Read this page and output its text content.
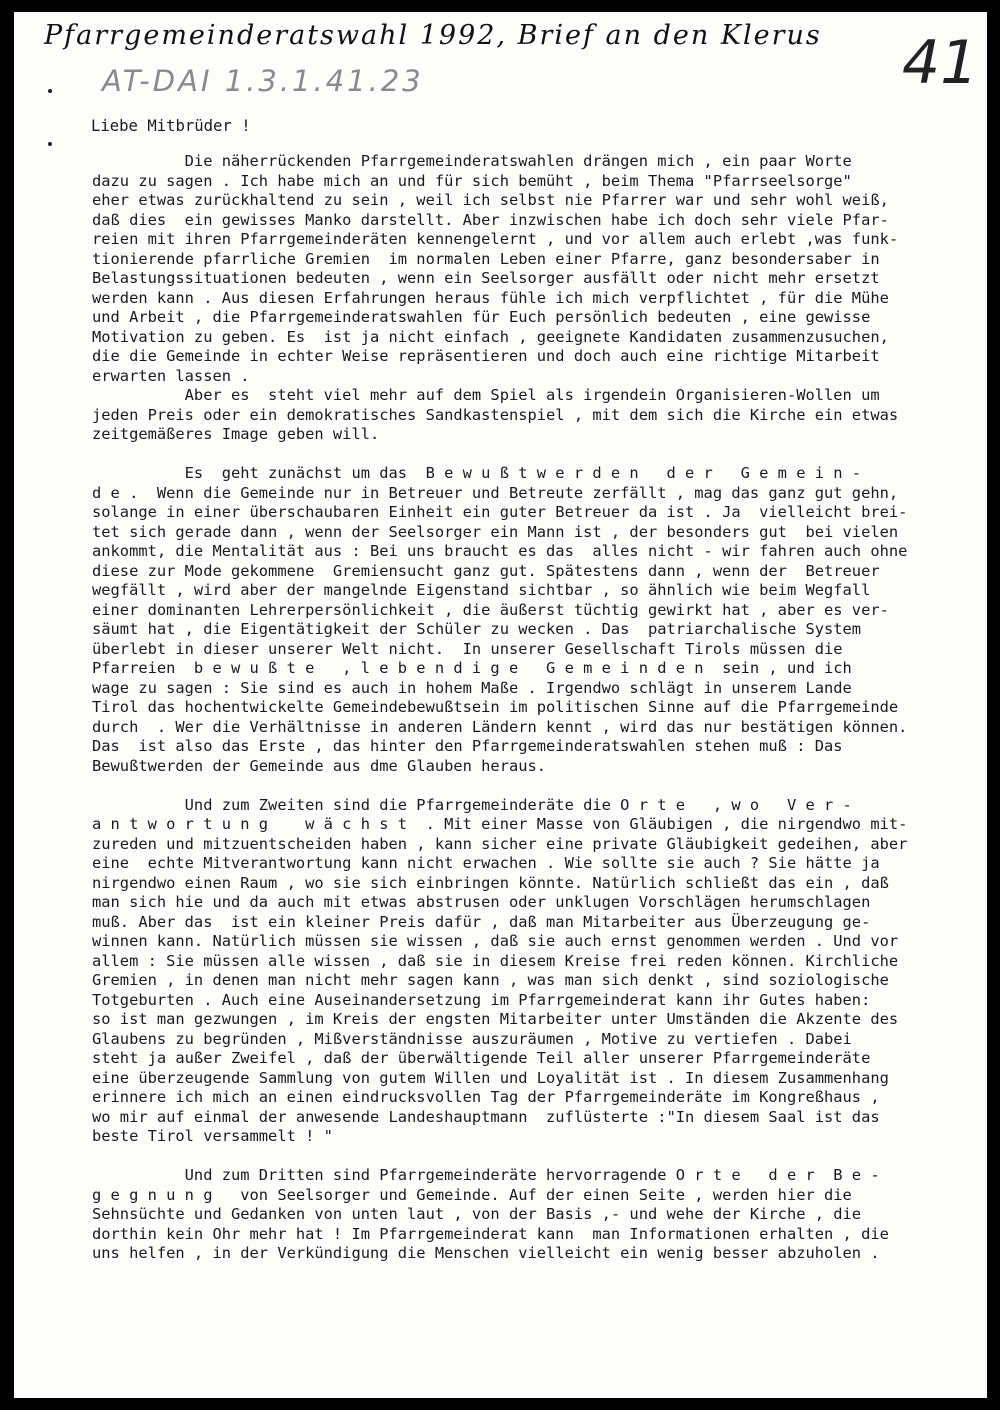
Pfarrgemeinderatswahl 1992, Brief an den Klerus
AT-DAI 1.3.1.41.23	41
Liebe Mitbrüder !
Die näherrückenden Pfarrgemeinderatswahlen drängen mich , ein paar Worte
dazu zu sagen . Ich habe mich an und für sich bemüht , beim Thema "Pfarrseelsorge"
eher etwas zurückhaltend zu sein , weil ich selbst nie Pfarrer war und sehr wohl weiß,
daß dies  ein gewisses Manko darstellt. Aber inzwischen habe ich doch sehr viele Pfar-
reien mit ihren Pfarrgemeinderäten kennengelernt , und vor allem auch erlebt ,was funk-
tionierende pfarrliche Gremien  im normalen Leben einer Pfarre, ganz besondersaber in
Belastungssituationen bedeuten , wenn ein Seelsorger ausfällt oder nicht mehr ersetzt
werden kann . Aus diesen Erfahrungen heraus fühle ich mich verpflichtet , für die Mühe
und Arbeit , die Pfarrgemeinderatswahlen für Euch persönlich bedeuten , eine gewisse
Motivation zu geben. Es  ist ja nicht einfach , geeignete Kandidaten zusammenzusuchen,
die die Gemeinde in echter Weise repräsentieren und doch auch eine richtige Mitarbeit
erwarten lassen .
Aber es  steht viel mehr auf dem Spiel als irgendein Organisieren-Wollen um
jeden Preis oder ein demokratisches Sandkastenspiel , mit dem sich die Kirche ein etwas
zeitgemäßeres Image geben will.
Es  geht zunächst um das  B e w u ß t w e r d e n   d e r   G e m e i n -
d e .  Wenn die Gemeinde nur in Betreuer und Betreute zerfällt , mag das ganz gut gehn,
solange in einer überschaubaren Einheit ein guter Betreuer da ist . Ja  vielleicht brei-
tet sich gerade dann , wenn der Seelsorger ein Mann ist , der besonders gut  bei vielen
ankommt, die Mentalität aus : Bei uns braucht es das  alles nicht - wir fahren auch ohne
diese zur Mode gekommene  Gremiensucht ganz gut. Spätestens dann , wenn der  Betreuer
wegfällt , wird aber der mangelnde Eigenstand sichtbar , so ähnlich wie beim Wegfall
einer dominanten Lehrerpersönlichkeit , die äußerst tüchtig gewirkt hat , aber es ver-
säumt hat , die Eigentätigkeit der Schüler zu wecken . Das  patriarchalische System
überlebt in dieser unserer Welt nicht.  In unserer Gesellschaft Tirols müssen die
Pfarreien  b e w u ß t e   , l e b e n d i g e   G e m e i n d e n  sein , und ich
wage zu sagen : Sie sind es auch in hohem Maße . Irgendwo schlägt in unserem Lande
Tirol das hochentwickelte Gemeindebewußtsein im politischen Sinne auf die Pfarrgemeinde
durch  . Wer die Verhältnisse in anderen Ländern kennt , wird das nur bestätigen können.
Das  ist also das Erste , das hinter den Pfarrgemeinderatswahlen stehen muß : Das
Bewußtwerden der Gemeinde aus dme Glauben heraus.
Und zum Zweiten sind die Pfarrgemeinderäte die O r t e   , w o   V e r -
a n t w o r t u n g    w ä c h s t  . Mit einer Masse von Gläubigen , die nirgendwo mit-
zureden und mitzuentscheiden haben , kann sicher eine private Gläubigkeit gedeihen, aber
eine  echte Mitverantwortung kann nicht erwachen . Wie sollte sie auch ? Sie hätte ja
nirgendwo einen Raum , wo sie sich einbringen könnte. Natürlich schließt das ein , daß
man sich hie und da auch mit etwas abstrusen oder unklugen Vorschlägen herumschlagen
muß. Aber das  ist ein kleiner Preis dafür , daß man Mitarbeiter aus Überzeugung ge-
winnen kann. Natürlich müssen sie wissen , daß sie auch ernst genommen werden . Und vor
allem : Sie müssen alle wissen , daß sie in diesem Kreise frei reden können. Kirchliche
Gremien , in denen man nicht mehr sagen kann , was man sich denkt , sind soziologische
Totgeburten . Auch eine Auseinandersetzung im Pfarrgemeinderat kann ihr Gutes haben:
so ist man gezwungen , im Kreis der engsten Mitarbeiter unter Umständen die Akzente des
Glaubens zu begründen , Mißverständnisse auszuräumen , Motive zu vertiefen . Dabei
steht ja außer Zweifel , daß der überwältigende Teil aller unserer Pfarrgemeinderäte
eine überzeugende Sammlung von gutem Willen und Loyalität ist . In diesem Zusammenhang
erinnere ich mich an einen eindrucksvollen Tag der Pfarrgemeinderäte im Kongreßhaus ,
wo mir auf einmal der anwesende Landeshauptmann  zuflüsterte :"In diesem Saal ist das
beste Tirol versammelt ! "
Und zum Dritten sind Pfarrgemeinderäte hervorragende O r t e   d e r  B e -
g e g n u n g   von Seelsorger und Gemeinde. Auf der einen Seite , werden hier die
Sehnsüchte und Gedanken von unten laut , von der Basis ,- und wehe der Kirche , die
dorthin kein Ohr mehr hat ! Im Pfarrgemeinderat kann  man Informationen erhalten , die
uns helfen , in der Verkündigung die Menschen vielleicht ein wenig besser abzuholen .
